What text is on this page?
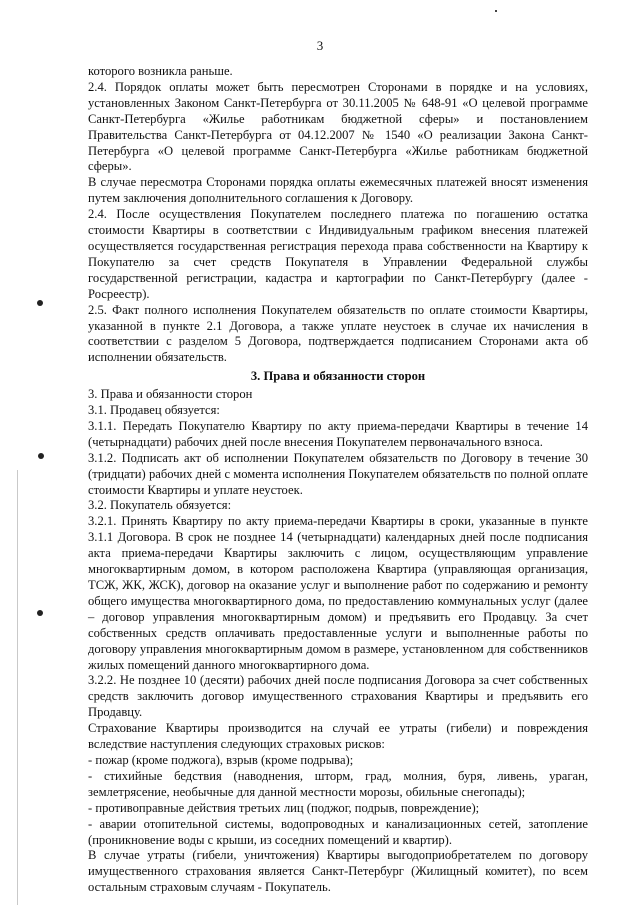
3

которого возникла раньше.

2.4. Порядок оплаты может быть пересмотрен Сторонами в порядке и на условиях, установленных Законом Санкт-Петербурга от 30.11.2005 № 648-91 «О целевой программе Санкт-Петербурга «Жилье работникам бюджетной сферы» и постановлением Правительства Санкт-Петербурга от 04.12.2007 № 1540 «О реализации Закона Санкт-Петербурга «О целевой программе Санкт-Петербурга «Жилье работникам бюджетной сферы».

В случае пересмотра Сторонами порядка оплаты ежемесячных платежей вносят изменения путем заключения дополнительного соглашения к Договору.

2.4. После осуществления Покупателем последнего платежа по погашению остатка стоимости Квартиры в соответствии с Индивидуальным графиком внесения платежей осуществляется государственная регистрация перехода права собственности на Квартиру к Покупателю за счет средств Покупателя в Управлении Федеральной службы государственной регистрации, кадастра и картографии по Санкт-Петербургу (далее - Росреестр).

2.5. Факт полного исполнения Покупателем обязательств по оплате стоимости Квартиры, указанной в пункте 2.1 Договора, а также уплате неустоек в случае их начисления в соответствии с разделом 5 Договора, подтверждается подписанием Сторонами акта об исполнении обязательств.

3. Права и обязанности сторон

3. Права и обязанности сторон

3.1. Продавец обязуется:

3.1.1. Передать Покупателю Квартиру по акту приема-передачи Квартиры в течение 14 (четырнадцати) рабочих дней после внесения Покупателем первоначального взноса.

3.1.2. Подписать акт об исполнении Покупателем обязательств по Договору в течение 30 (тридцати) рабочих дней с момента исполнения Покупателем обязательств по полной оплате стоимости Квартиры и уплате неустоек.

3.2. Покупатель обязуется:

3.2.1. Принять Квартиру по акту приема-передачи Квартиры в сроки, указанные в пункте 3.1.1 Договора. В срок не позднее 14 (четырнадцати) календарных дней после подписания акта приема-передачи Квартиры заключить с лицом, осуществляющим управление многоквартирным домом, в котором расположена Квартира (управляющая организация, ТСЖ, ЖК, ЖСК), договор на оказание услуг и выполнение работ по содержанию и ремонту общего имущества многоквартирного дома, по предоставлению коммунальных услуг (далее – договор управления многоквартирным домом) и предъявить его Продавцу. За счет собственных средств оплачивать предоставленные услуги и выполненные работы по договору управления многоквартирным домом в размере, установленном для собственников жилых помещений данного многоквартирного дома.

3.2.2. Не позднее 10 (десяти) рабочих дней после подписания Договора за счет собственных средств заключить договор имущественного страхования Квартиры и предъявить его Продавцу.

Страхование Квартиры производится на случай ее утраты (гибели) и повреждения вследствие наступления следующих страховых рисков:

- пожар (кроме поджога), взрыв (кроме подрыва);

- стихийные бедствия (наводнения, шторм, град, молния, буря, ливень, ураган, землетрясение, необычные для данной местности морозы, обильные снегопады);

- противоправные действия третьих лиц (поджог, подрыв, повреждение);

- аварии отопительной системы, водопроводных и канализационных сетей, затопление (проникновение воды с крыши, из соседних помещений и квартир).

В случае утраты (гибели, уничтожения) Квартиры выгодоприобретателем по договору имущественного страхования является Санкт-Петербург (Жилищный комитет), по всем остальным страховым случаям - Покупатель.
